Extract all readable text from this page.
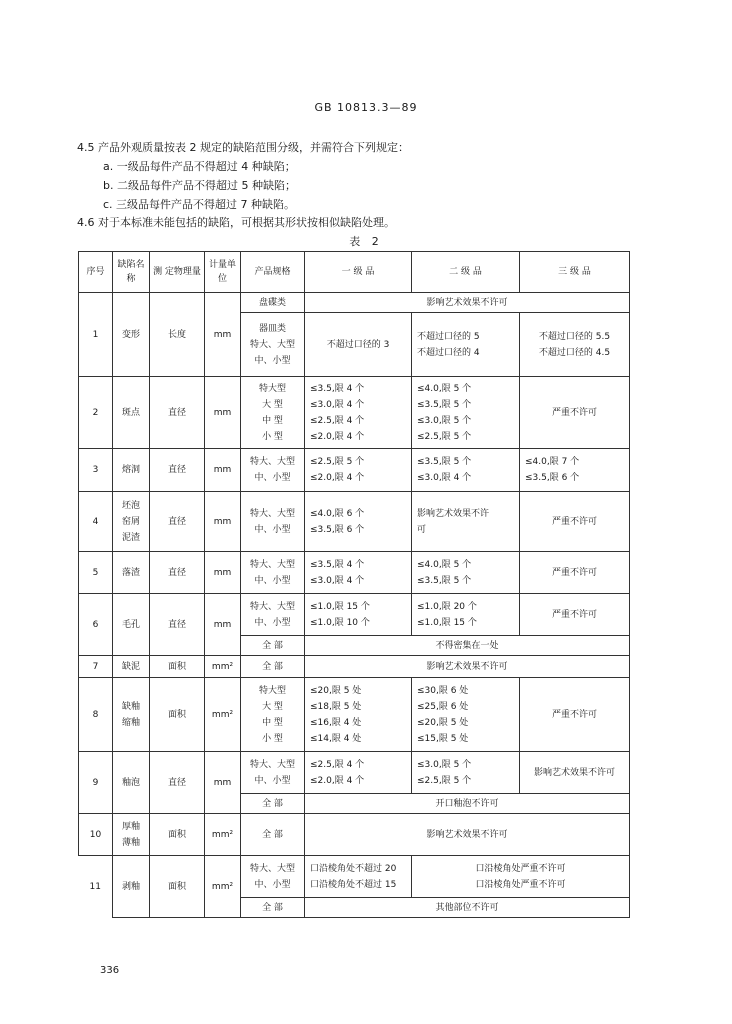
GB 10813.3—89
4.5 产品外观质量按表 2 规定的缺陷范围分级，并需符合下列规定：
a. 一级品每件产品不得超过 4 种缺陷；
b. 二级品每件产品不得超过 5 种缺陷；
c. 三级品每件产品不得超过 7 种缺陷。
4.6 对于本标准未能包括的缺陷，可根据其形状按相似缺陷处理。
表 2
序号	缺陷名称	测 定物理量	计量单位	产品规格	一 级 品	二 级 品	三 级 品
1	变形	长度	mm	盘碟类	影响艺术效果不许可		

				器皿类
特大、大型
中、小型	不超过口径的 3	不超过口径的 5
不超过口径的 4	不超过口径的 5.5
不超过口径的 4.5

2	斑点	直径	mm	特大型
大 型
中 型
小 型	≤3.5,限 4 个
≤3.0,限 4 个
≤2.5,限 4 个
≤2.0,限 4 个	≤4.0,限 5 个
≤3.5,限 5 个
≤3.0,限 5 个
≤2.5,限 5 个	严重不许可
3	熔洞	直径	mm	特大、大型
中、小型	≤2.5,限 5 个
≤2.0,限 4 个	≤3.5,限 5 个
≤3.0,限 4 个	≤4.0,限 7 个
≤3.5,限 6 个

4	坯泡
窑屑
泥渣	直径	mm	特大、大型
中、小型	≤4.0,限 6 个
≤3.5,限 6 个	影响艺术效果不许
可	严重不许可
5	落渣	直径	mm	特大、大型
中、小型	≤3.5,限 4 个
≤3.0,限 4 个	≤4.0,限 5 个
≤3.5,限 5 个	严重不许可
6	毛孔	直径	mm	特大、大型
中、小型	≤1.0,限 15 个
≤1.0,限 10 个	≤1.0,限 20 个
≤1.0,限 15 个	严重不许可
				全 部	不得密集在一处		
7	缺泥	面积	mm²	全 部	影响艺术效果不许可		
8	缺釉
缩釉	面积	mm²	特大型
大 型
中 型
小 型	≤20,限 5 处
≤18,限 5 处
≤16,限 4 处
≤14,限 4 处	≤30,限 6 处
≤25,限 6 处
≤20,限 5 处
≤15,限 5 处	严重不许可
9	釉泡	直径	mm	特大、大型
中、小型	≤2.5,限 4 个
≤2.0,限 4 个	≤3.0,限 5 个
≤2.5,限 5 个	影响艺术效果不许可
				全 部	开口釉泡不许可		
10	厚釉
薄釉	面积	mm²	全 部	影响艺术效果不许可		
11	剥釉	面积	mm²	特大、大型
中、小型	口沿棱角处不超过 20
口沿棱角处不超过 15	口沿棱角处严重不许可
口沿棱角处严重不许可	

				全 部	其他部位不许可		
336
